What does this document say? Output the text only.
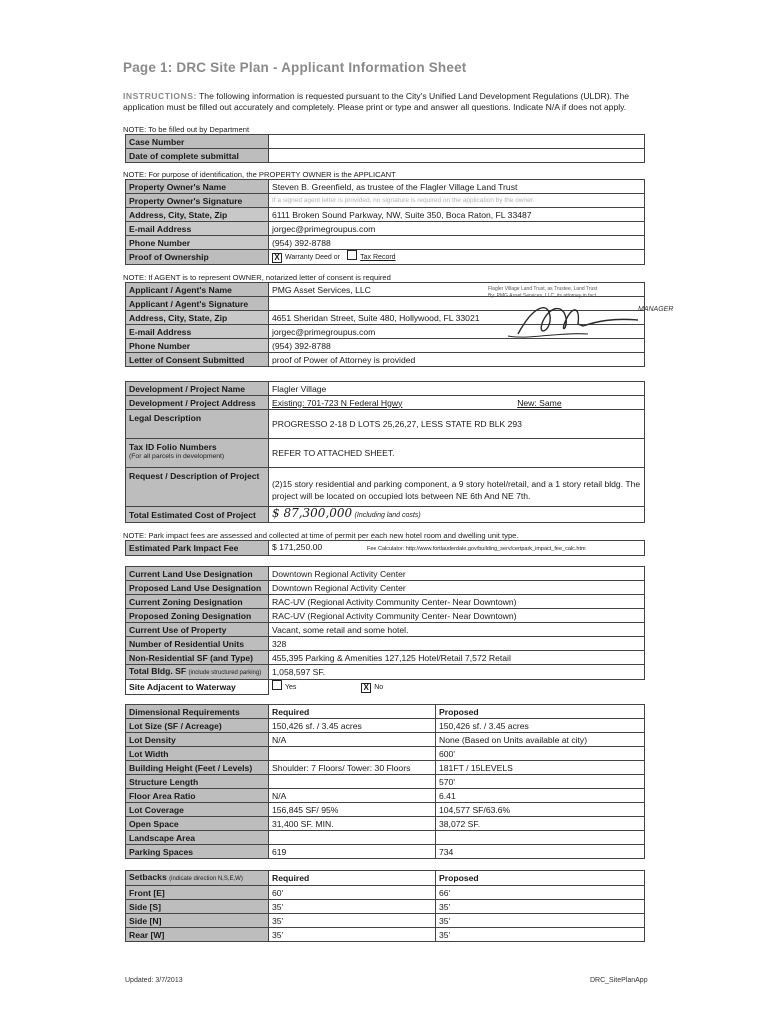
Page 1: DRC Site Plan - Applicant Information Sheet
INSTRUCTIONS: The following information is requested pursuant to the City's Unified Land Development Regulations (ULDR). The application must be filled out accurately and completely. Please print or type and answer all questions. Indicate N/A if does not apply.
NOTE: To be filled out by Department
Case Number	
Date of complete submittal	
NOTE: For purpose of identification, the PROPERTY OWNER is the APPLICANT
Property Owner's Name	Steven B. Greenfield, as trustee of the Flagler Village Land Trust
Property Owner's Signature	If a signed agent letter is provided, no signature is required on the application by the owner.
Address, City, State, Zip	6111 Broken Sound Parkway, NW, Suite 350, Boca Raton, FL 33487
E-mail Address	jorgec@primegroupus.com
Phone Number	(954) 392-8788
Proof of Ownership	X Warranty Deed or Tax Record
NOTE: If AGENT is to represent OWNER, notarized letter of consent is required
Applicant / Agent's Name	PMG Asset Services, LLC
Applicant / Agent's Signature	
Address, City, State, Zip	4651 Sheridan Street, Suite 480, Hollywood, FL 33021
E-mail Address	jorgec@primegroupus.com
Phone Number	(954) 392-8788
Letter of Consent Submitted	proof of Power of Attorney is provided
Flagler Village Land Trust, as Trustee, Land Trust
By: PMG Asset Services, LLC, its attorney in fact
MANAGER
Development / Project Name	Flagler Village
Development / Project Address	Existing: 701-723 N Federal Hgwy New: Same
Legal Description	PROGRESSO 2-18 D LOTS 25,26,27, LESS STATE RD BLK 293
Tax ID Folio Numbers
(For all parcels in development)	REFER TO ATTACHED SHEET.
Request / Description of Project	(2)15 story residential and parking component, a 9 story hotel/retail, and a 1 story retail bldg. The project will be located on occupied lots between NE 6th And NE 7th.
Total Estimated Cost of Project	$ 87,300,000 (Including land costs)
NOTE: Park impact fees are assessed and collected at time of permit per each new hotel room and dwelling unit type.
Estimated Park Impact Fee	$ 171,250.00	Fee Calculator: http://www.fortlauderdale.gov/building_serv/certpark_impact_fee_calc.htm
Current Land Use Designation	Downtown Regional Activity Center
Proposed Land Use Designation	Downtown Regional Activity Center
Current Zoning Designation	RAC-UV (Regional Activity Community Center- Near Downtown)
Proposed Zoning Designation	RAC-UV (Regional Activity Community Center- Near Downtown)
Current Use of Property	Vacant, some retail and some hotel.
Number of Residential Units	328
Non-Residential SF (and Type)	455,395 Parking & Amenities 127,125 Hotel/Retail 7,572 Retail
Total Bldg. SF (include structured parking)	1,058,597 SF.
Site Adjacent to Waterway	Yes X No
Dimensional Requirements	Required	Proposed
Lot Size (SF / Acreage)	150,426 sf. / 3.45 acres	150,426 sf. / 3.45 acres
Lot Density	N/A	None (Based on Units available at city)
Lot Width		600'
Building Height (Feet / Levels)	Shoulder: 7 Floors/ Tower: 30 Floors	181FT / 15LEVELS
Structure Length		570'
Floor Area Ratio	N/A	6.41
Lot Coverage	156,845 SF/ 95%	104,577 SF/63.6%
Open Space	31,400 SF. MIN.	38,072 SF.
Landscape Area		
Parking Spaces	619	734
Setbacks (indicate direction N,S,E,W)	Required	Proposed
Front [E]	60'	66'
Side [S]	35'	35'
Side [N]	35'	35'
Rear [W]	35'	35'
Updated: 3/7/2013	DRC_SitePlanApp
